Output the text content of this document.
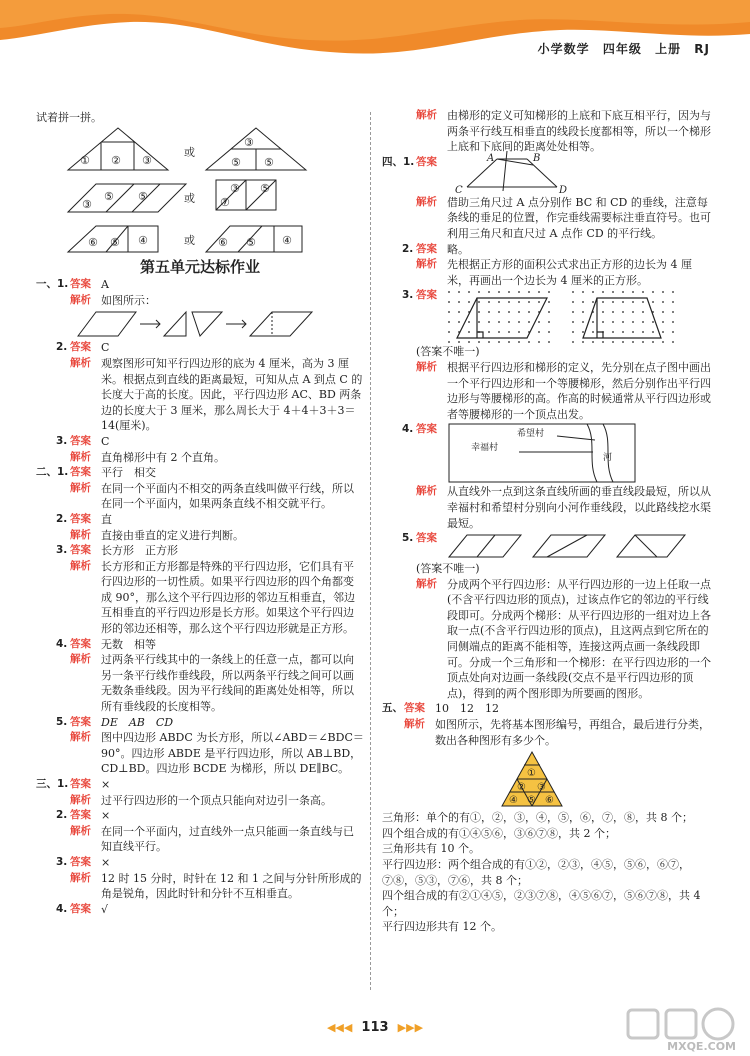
小学数学 四年级 上册 RJ
试着拼一拼。
① ② ③
或
③
⑤ ⑤
⑤
③
⑤	或 ⑦
③ ⑤
⑥ ⑤ ④	或 ⑥ ⑤ ④
第五单元达标作业
一、1. 答案 A
解析 如图所示：
2. 答案 C
解析 观察图形可知平行四边形的底为 4 厘米，高为 3 厘米。根据点到直线的距离最短，可知从点 A 到点 C 的长度大于高的长度。因此，平行四边形 AC、BD 两条边的长度大于 3 厘米，那么周长大于 4＋4＋3＋3＝14(厘米)。
3. 答案 C
解析 直角梯形中有 2 个直角。
二、1. 答案 平行　相交
解析 在同一个平面内不相交的两条直线叫做平行线，所以在同一个平面内，如果两条直线不相交就平行。
2. 答案 直
解析 直接由垂直的定义进行判断。
3. 答案 长方形　正方形
解析 长方形和正方形都是特殊的平行四边形，它们具有平行四边形的一切性质。如果平行四边形的四个角都变成 90°，那么这个平行四边形的邻边互相垂直，邻边互相垂直的平行四边形是长方形。如果这个平行四边形的邻边还相等，那么这个平行四边形就是正方形。
4. 答案 无数　相等
解析 过两条平行线其中的一条线上的任意一点，都可以向另一条平行线作垂线段，所以两条平行线之间可以画无数条垂线段。因为平行线间的距离处处相等，所以所有垂线段的长度相等。
5. 答案 DE　AB　CD
解析 图中四边形 ABDC 为长方形，所以∠ABD＝∠BDC＝90°。四边形 ABDE 是平行四边形，所以 AB⊥BD，CD⊥BD。四边形 BCDE 为梯形，所以 DE∥BC。
三、1. 答案 ×
解析 过平行四边形的一个顶点只能向对边引一条高。
2. 答案 ×
解析 在同一个平面内，过直线外一点只能画一条直线与已知直线平行。
3. 答案 ×
解析 12 时 15 分时，时针在 12 和 1 之间与分针所形成的角是锐角，因此时针和分针不互相垂直。
4. 答案 √
解析 由梯形的定义可知梯形的上底和下底互相平行，因为与两条平行线互相垂直的线段长度都相等，所以一个梯形上底和下底间的距离处处相等。
四、1. 答案	A	B
C	D
解析 借助三角尺过 A 点分别作 BC 和 CD 的垂线，注意每条线的垂足的位置，作完垂线需要标注垂直符号。也可利用三角尺和直尺过 A 点作 CD 的平行线。
2. 答案 略。
解析 先根据正方形的面积公式求出正方形的边长为 4 厘米，再画出一个边长为 4 厘米的正方形。
3. 答案
(答案不唯一)
解析 根据平行四边形和梯形的定义，先分别在点子图中画出一个平行四边形和一个等腰梯形，然后分别作出平行四边形与等腰梯形的高。作高的时候通常从平行四边形或者等腰梯形的一个顶点出发。
4. 答案	希望村
幸福村
河
解析 从直线外一点到这条直线所画的垂直线段最短，所以从幸福村和希望村分别向小河作垂线段，以此路线挖水渠最短。
5. 答案
(答案不唯一)
解析 分成两个平行四边形：从平行四边形的一边上任取一点(不含平行四边形的顶点)，过该点作它的邻边的平行线段即可。分成两个梯形：从平行四边形的一组对边上各取一点(不含平行四边形的顶点)，且这两点到它所在的同侧端点的距离不能相等，连接这两点画一条线段即可。分成一个三角形和一个梯形：在平行四边形的一个顶点处向对边画一条线段(交点不是平行四边形的顶点)，得到的两个图形即为所要画的图形。
五、 答案 10　12　12
解析 如图所示，先将基本图形编号，再组合，最后进行分类，数出各种图形有多少个。
①
② ③
④ ⑤ ⑥
三角形：单个的有①，②，③，④，⑤，⑥，⑦，⑧，共 8 个；
四个组合成的有①④⑤⑥，③⑥⑦⑧，共 2 个；
三角形共有 10 个。
平行四边形：两个组合成的有①②，②③，④⑤，⑤⑥，⑥⑦，⑦⑧，⑤③，⑦⑥，共 8 个；
四个组合成的有②①④⑤，②③⑦⑧，④⑤⑥⑦，⑤⑥⑦⑧，共 4 个；
平行四边形共有 12 个。
◀◀◀ 113 ▶▶▶
MXQE.COM
